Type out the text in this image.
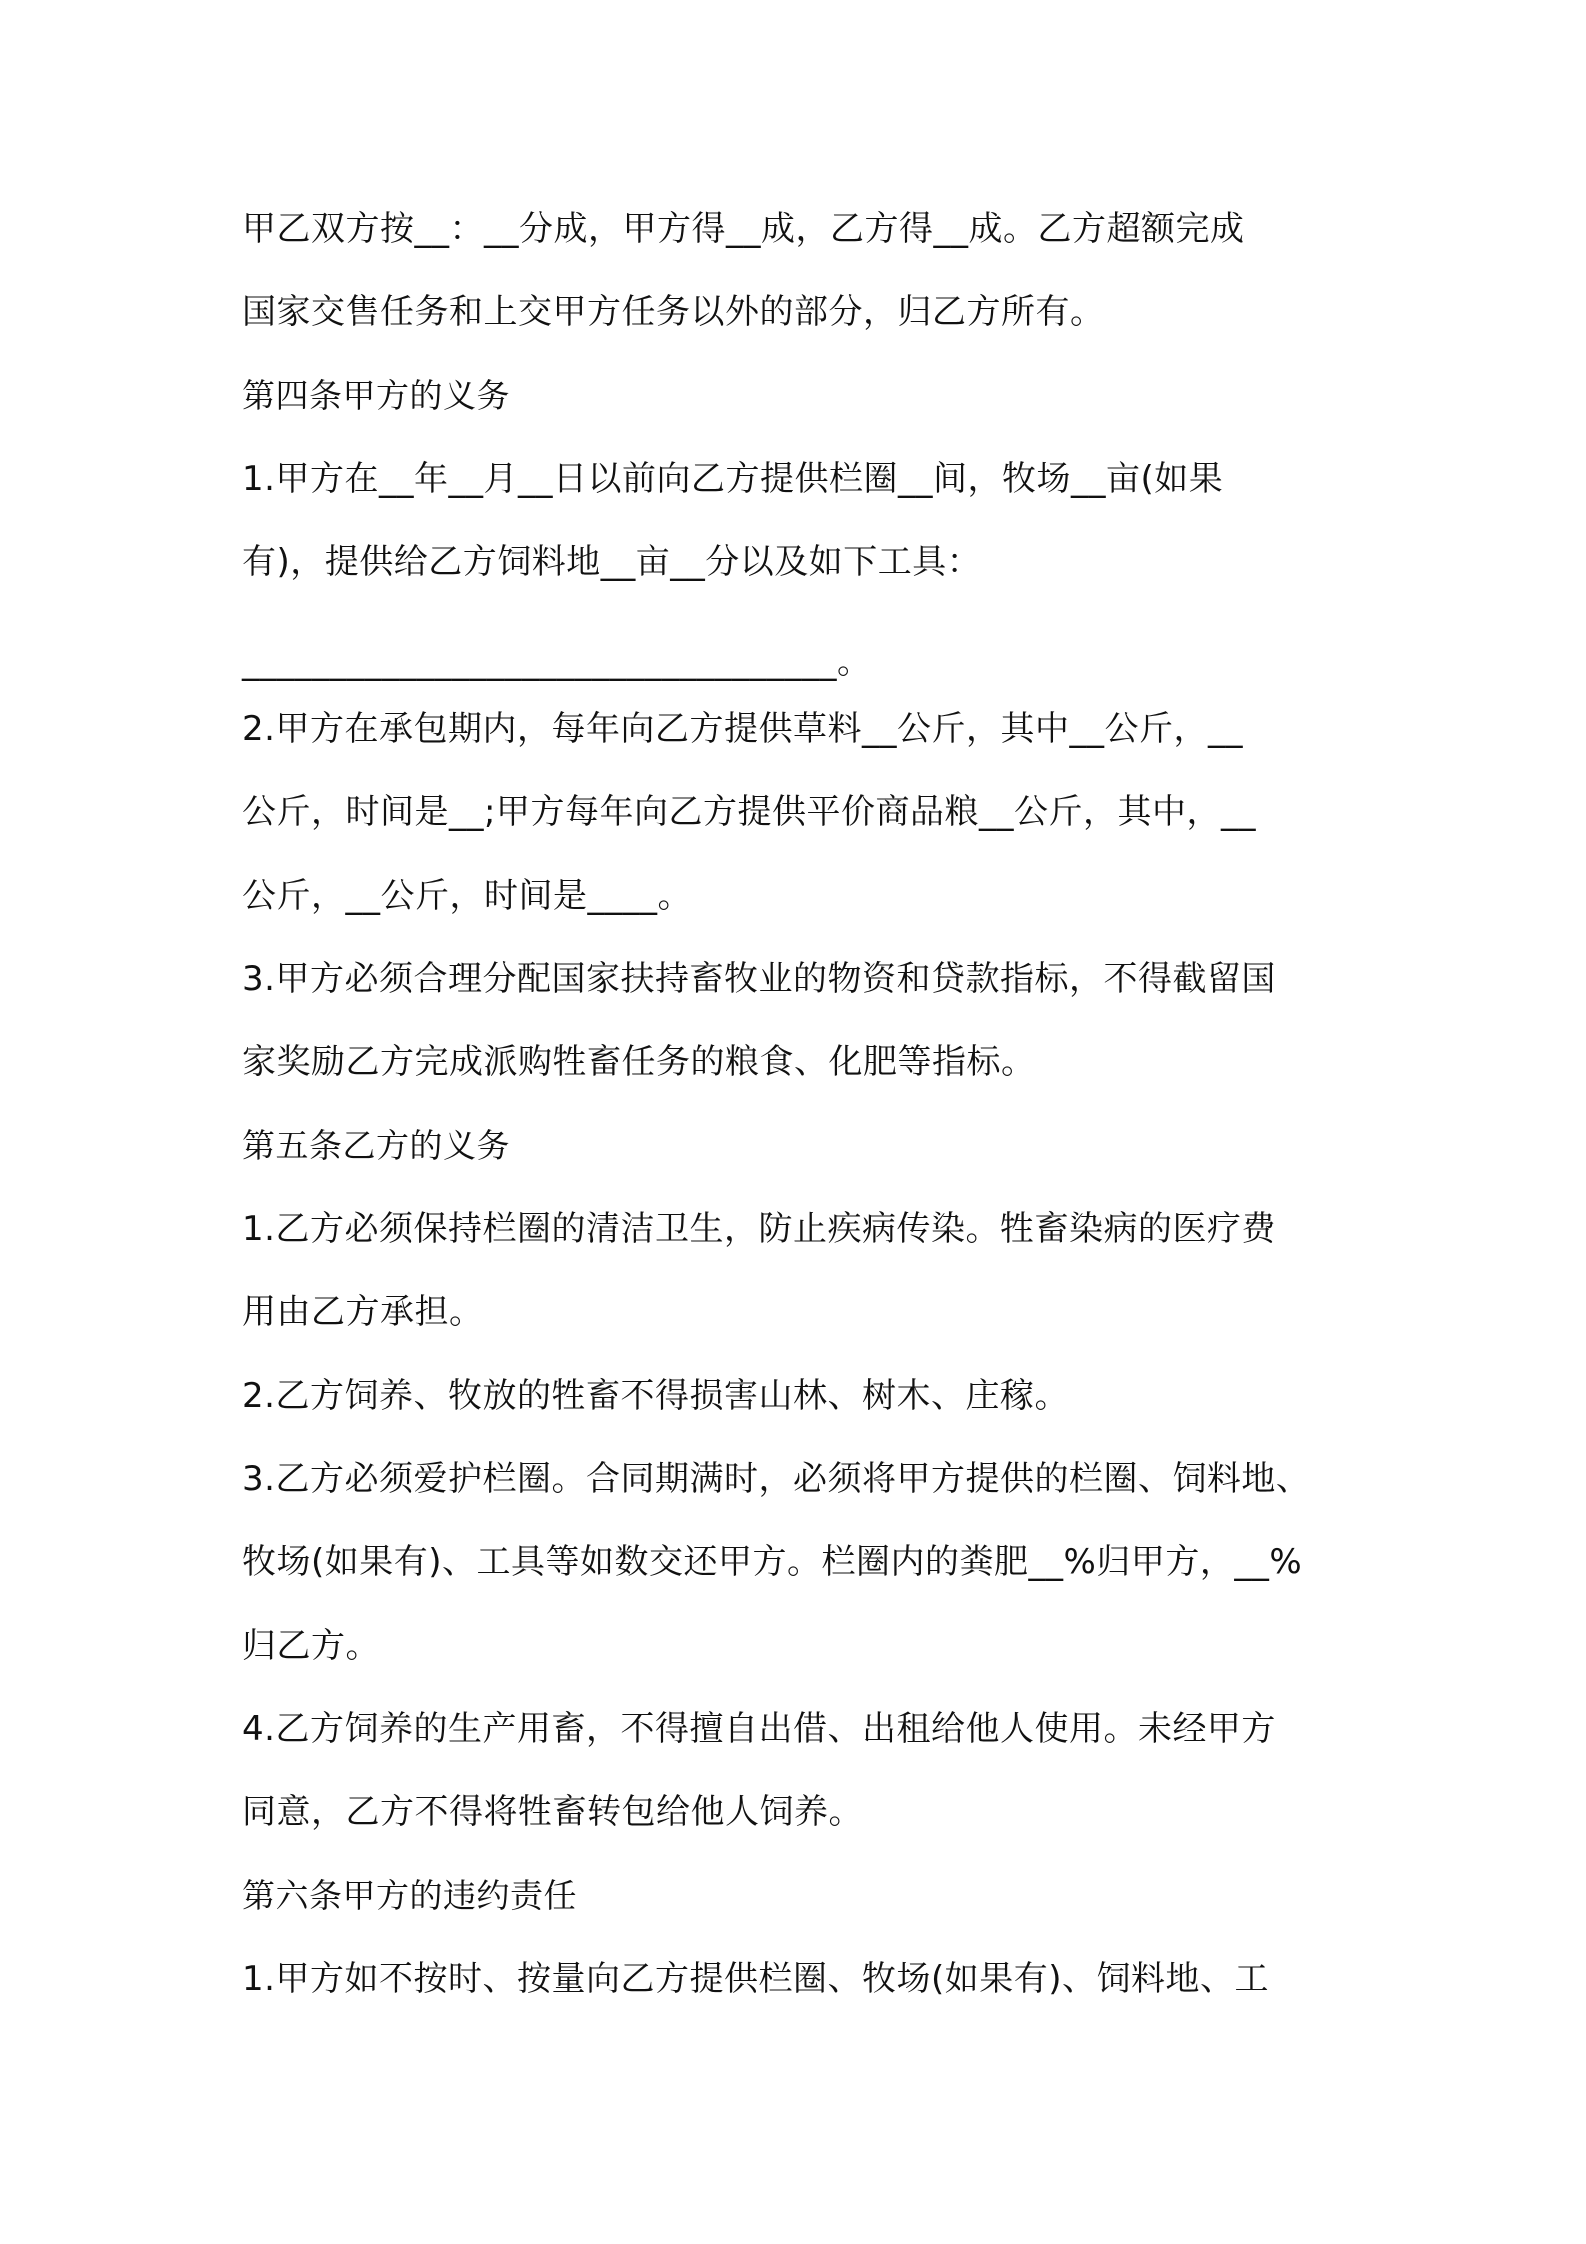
甲乙双方按__：__分成，甲方得__成，乙方得__成。乙方超额完成
国家交售任务和上交甲方任务以外的部分，归乙方所有。
第四条甲方的义务
1.甲方在__年__月__日以前向乙方提供栏圈__间，牧场__亩(如果
有)，提供给乙方饲料地__亩__分以及如下工具：
__________________________________。
2.甲方在承包期内，每年向乙方提供草料__公斤，其中__公斤，__
公斤，时间是__;甲方每年向乙方提供平价商品粮__公斤，其中，__
公斤，__公斤，时间是____。
3.甲方必须合理分配国家扶持畜牧业的物资和贷款指标，不得截留国
家奖励乙方完成派购牲畜任务的粮食、化肥等指标。
第五条乙方的义务
1.乙方必须保持栏圈的清洁卫生，防止疾病传染。牲畜染病的医疗费
用由乙方承担。
2.乙方饲养、牧放的牲畜不得损害山林、树木、庄稼。
3.乙方必须爱护栏圈。合同期满时，必须将甲方提供的栏圈、饲料地、
牧场(如果有)、工具等如数交还甲方。栏圈内的粪肥__%归甲方，__%
归乙方。
4.乙方饲养的生产用畜，不得擅自出借、出租给他人使用。未经甲方
同意，乙方不得将牲畜转包给他人饲养。
第六条甲方的违约责任
1.甲方如不按时、按量向乙方提供栏圈、牧场(如果有)、饲料地、工
